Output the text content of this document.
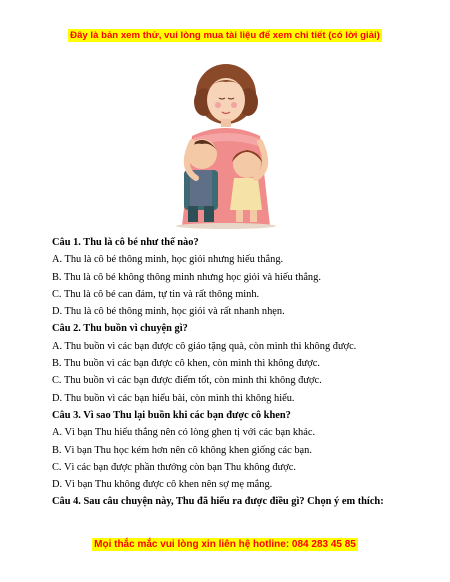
Đây là bản xem thử, vui lòng mua tài liệu để xem chi tiết (có lời giải)
Câu 1. Thu là cô bé như thế nào?
A. Thu là cô bé thông minh, học giỏi nhưng hiếu thắng.
B. Thu là cô bé không thông minh nhưng học giỏi và hiếu thắng.
C. Thu là cô bé can đảm, tự tin và rất thông minh.
D. Thu là cô bé thông minh, học giỏi và rất nhanh nhẹn.
Câu 2. Thu buồn vì chuyện gì?
A. Thu buồn vì các bạn được cô giáo tặng quà, còn mình thì không được.
B. Thu buồn vì các bạn được cô khen, còn mình thì không được.
C. Thu buồn vì các bạn được điểm tốt, còn mình thì không được.
D. Thu buồn vì các bạn hiểu bài, còn mình thì không hiểu.
Câu 3. Vì sao Thu lại buồn khi các bạn được cô khen?
A. Vì bạn Thu hiếu thắng nên có lòng ghen tị với các bạn khác.
B. Vì bạn Thu học kém hơn nên cô không khen giống các bạn.
C. Vì các bạn được phần thưởng còn bạn Thu không được.
D. Vì bạn Thu không được cô khen nên sợ mẹ mắng.
Câu 4. Sau câu chuyện này, Thu đã hiểu ra được điều gì? Chọn ý em thích:
Mọi thắc mắc vui lòng xin liên hệ hotline: 084 283 45 85
